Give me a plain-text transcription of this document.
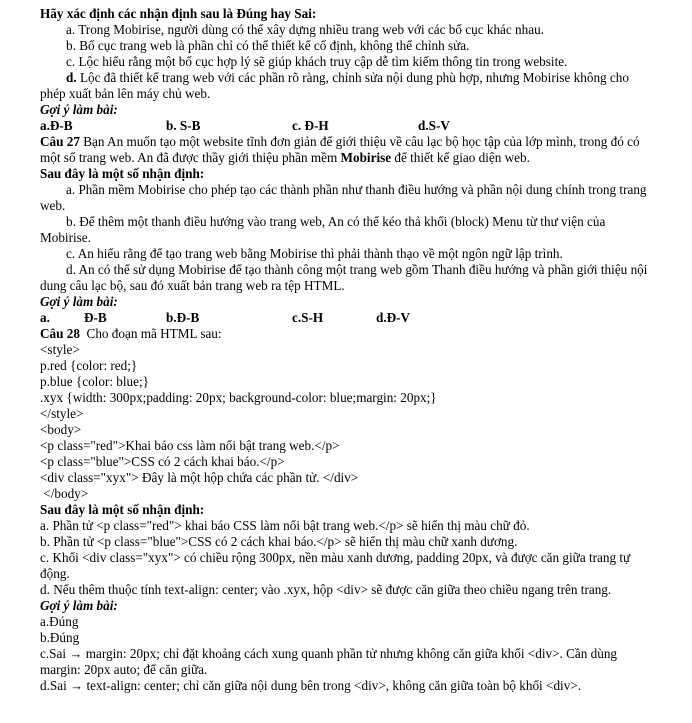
Hãy xác định các nhận định sau là Đúng hay Sai:
a. Trong Mobirise, người dùng có thể xây dựng nhiều trang web với các bố cục khác nhau.
b. Bố cục trang web là phần chỉ có thể thiết kế cố định, không thể chỉnh sửa.
c. Lộc hiểu rằng một bố cục hợp lý sẽ giúp khách truy cập dễ tìm kiếm thông tin trong website.
d. Lộc đã thiết kế trang web với các phần rõ ràng, chỉnh sửa nội dung phù hợp, nhưng Mobirise không cho phép xuất bản lên máy chủ web.
Gợi ý làm bài:
a.Đ-B	b. S-B	c. Đ-H	d.S-V
Câu 27 Bạn An muốn tạo một website tĩnh đơn giản để giới thiệu về câu lạc bộ học tập của lớp mình, trong đó có một số trang web. An đã được thầy giới thiệu phần mềm Mobirise để thiết kế giao diện web.
Sau đây là một số nhận định:
a. Phần mềm Mobirise cho phép tạo các thành phần như thanh điều hướng và phần nội dung chính trong trang web.
b. Để thêm một thanh điều hướng vào trang web, An có thể kéo thả khối (block) Menu từ thư viện của Mobirise.
c. An hiểu rằng để tạo trang web bằng Mobirise thì phải thành thạo về một ngôn ngữ lập trình.
d. An có thể sử dụng Mobirise để tạo thành công một trang web gồm Thanh điều hướng và phần giới thiệu nội dung câu lạc bộ, sau đó xuất bản trang web ra tệp HTML.
Gợi ý làm bài:
a.	Đ-B	b.Đ-B	c.S-H	d.Đ-V
Câu 28  Cho đoạn mã HTML sau:
<style>
p.red {color: red;}
p.blue {color: blue;}
.xyx {width: 300px;padding: 20px; background-color: blue;margin: 20px;}
</style>
<body>
<p class="red">Khai báo css làm nổi bật trang web.</p>
<p class="blue">CSS có 2 cách khai báo.</p>
<div class="xyx"> Đây là một hộp chứa các phần tử. </div>
</body>
Sau đây là một số nhận định:
a. Phần tử <p class="red"> khai báo CSS làm nổi bật trang web.</p> sẽ hiển thị màu chữ đỏ.
b. Phần tử <p class="blue">CSS có 2 cách khai báo.</p> sẽ hiển thị màu chữ xanh dương.
c. Khối <div class="xyx"> có chiều rộng 300px, nền màu xanh dương, padding 20px, và được căn giữa trang tự động.
d. Nếu thêm thuộc tính text-align: center; vào .xyx, hộp <div> sẽ được căn giữa theo chiều ngang trên trang.
Gợi ý làm bài:
a.Đúng
b.Đúng
c.Sai → margin: 20px; chỉ đặt khoảng cách xung quanh phần tử nhưng không căn giữa khối <div>. Cần dùng margin: 20px auto; để căn giữa.
d.Sai → text-align: center; chỉ căn giữa nội dung bên trong <div>, không căn giữa toàn bộ khối <div>.
